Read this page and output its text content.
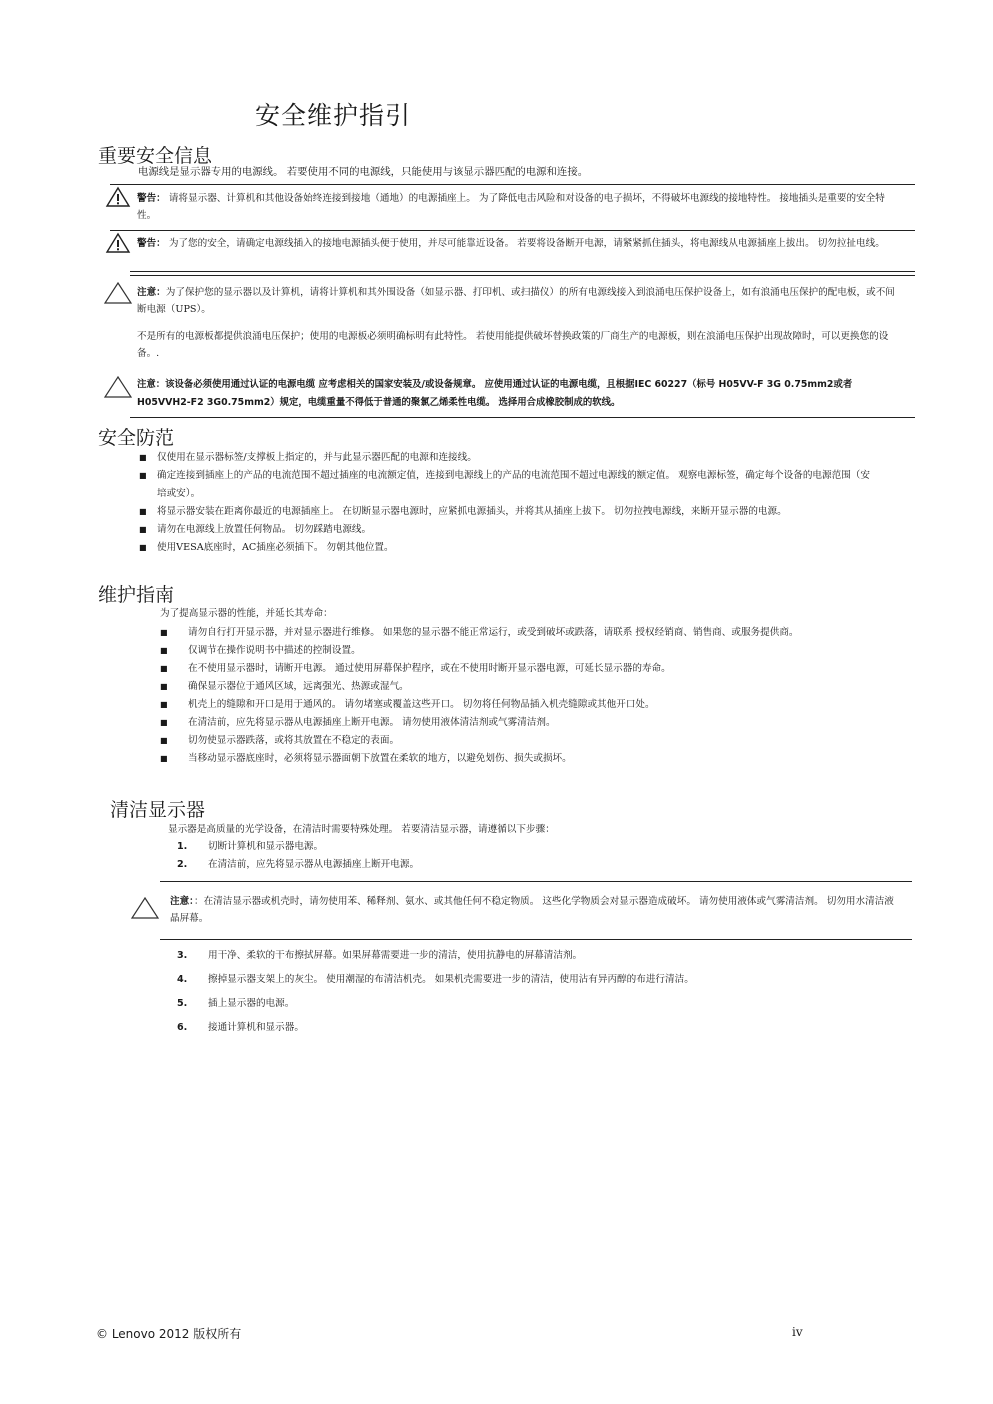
安全维护指引
重要安全信息
电源线是显示器专用的电源线。 若要使用不同的电源线，只能使用与该显示器匹配的电源和连接。
警告： 请将显示器、计算机和其他设备始终连接到接地（通地）的电源插座上。 为了降低电击风险和对设备的电子损坏，不得破坏电源线的接地特性。 接地插头是重要的安全特性。
警告： 为了您的安全，请确定电源线插入的接地电源插头便于使用，并尽可能靠近设备。 若要将设备断开电源，请紧紧抓住插头，将电源线从电源插座上拔出。 切勿拉扯电线。
注意：为了保护您的显示器以及计算机，请将计算机和其外围设备（如显示器、打印机、或扫描仪）的所有电源线接入到浪涌电压保护设备上，如有浪涌电压保护的配电板，或不间断电源（UPS）。
不是所有的电源板都提供浪涌电压保护；使用的电源板必须明确标明有此特性。 若使用能提供破坏替换政策的厂商生产的电源板，则在浪涌电压保护出现故障时，可以更换您的设备。.
注意：该设备必须使用通过认证的电源电缆 应考虑相关的国家安装及/或设备规章。 应使用通过认证的电源电缆，且根据IEC 60227（标号 H05VV-F 3G 0.75mm2或者H05VVH2-F2 3G0.75mm2）规定，电缆重量不得低于普通的聚氯乙烯柔性电缆。 选择用合成橡胶制成的软线。
安全防范
■ 仅使用在显示器标签/支撑板上指定的，并与此显示器匹配的电源和连接线。
■ 确定连接到插座上的产品的电流范围不超过插座的电流额定值，连接到电源线上的产品的电流范围不超过电源线的额定值。 观察电源标签，确定每个设备的电源范围（安培或安）。
■ 将显示器安装在距离你最近的电源插座上。 在切断显示器电源时，应紧抓电源插头，并将其从插座上拔下。 切勿拉拽电源线，来断开显示器的电源。
■ 请勿在电源线上放置任何物品。 切勿踩踏电源线。
■ 使用VESA底座时，AC插座必须插下。 勿朝其他位置。
维护指南
为了提高显示器的性能，并延长其寿命：
■ 请勿自行打开显示器，并对显示器进行维修。 如果您的显示器不能正常运行，或受到破坏或跌落，请联系 授权经销商、销售商、或服务提供商。
■ 仅调节在操作说明书中描述的控制设置。
■ 在不使用显示器时，请断开电源。 通过使用屏幕保护程序，或在不使用时断开显示器电源，可延长显示器的寿命。
■ 确保显示器位于通风区域，远离强光、热源或湿气。
■ 机壳上的缝隙和开口是用于通风的。 请勿堵塞或覆盖这些开口。 切勿将任何物品插入机壳缝隙或其他开口处。
■ 在清洁前，应先将显示器从电源插座上断开电源。 请勿使用液体清洁剂或气雾清洁剂。
■ 切勿使显示器跌落，或将其放置在不稳定的表面。
■ 当移动显示器底座时，必须将显示器面朝下放置在柔软的地方，以避免划伤、损失或损坏。
清洁显示器
显示器是高质量的光学设备，在清洁时需要特殊处理。 若要清洁显示器，请遵循以下步骤：
1. 切断计算机和显示器电源。
2. 在清洁前，应先将显示器从电源插座上断开电源。
注意：：在清洁显示器或机壳时，请勿使用苯、稀释剂、氨水、或其他任何不稳定物质。 这些化学物质会对显示器造成破坏。 请勿使用液体或气雾清洁剂。 切勿用水清洁液晶屏幕。
3. 用干净、柔软的干布擦拭屏幕。如果屏幕需要进一步的清洁，使用抗静电的屏幕清洁剂。
4. 擦掉显示器支架上的灰尘。 使用潮湿的布清洁机壳。 如果机壳需要进一步的清洁，使用沾有异丙醇的布进行清洁。
5. 插上显示器的电源。
6. 接通计算机和显示器。
© Lenovo 2012 版权所有	iv
